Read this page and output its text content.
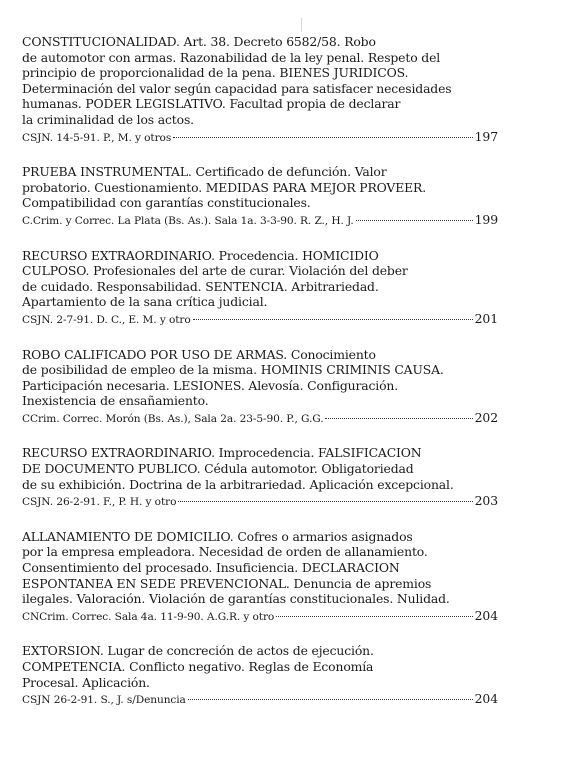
CONSTITUCIONALIDAD. Art. 38. Decreto 6582/58. Robo

de automotor con armas. Razonabilidad de la ley penal. Respeto del

principio de proporcionalidad de la pena. BIENES JURIDICOS.

Determinación del valor según capacidad para satisfacer necesidades

humanas. PODER LEGISLATIVO. Facultad propia de declarar

la criminalidad de los actos.

CSJN. 14-5-91. P., M. y otros	197

PRUEBA INSTRUMENTAL. Certificado de defunción. Valor

probatorio. Cuestionamiento. MEDIDAS PARA MEJOR PROVEER.

Compatibilidad con garantías constitucionales.

C.Crim. y Correc. La Plata (Bs. As.). Sala 1a. 3-3-90. R. Z., H. J.	199

RECURSO EXTRAORDINARIO. Procedencia. HOMICIDIO

CULPOSO. Profesionales del arte de curar. Violación del deber

de cuidado. Responsabilidad. SENTENCIA. Arbitrariedad.

Apartamiento de la sana crítica judicial.

CSJN. 2-7-91. D. C., E. M. y otro	201

ROBO CALIFICADO POR USO DE ARMAS. Conocimiento

de posibilidad de empleo de la misma. HOMINIS CRIMINIS CAUSA.

Participación necesaria. LESIONES. Alevosía. Configuración.

Inexistencia de ensañamiento.

CCrim. Correc. Morón (Bs. As.), Sala 2a. 23-5-90. P., G.G.	202

RECURSO EXTRAORDINARIO. Improcedencia. FALSIFICACION

DE DOCUMENTO PUBLICO. Cédula automotor. Obligatoriedad

de su exhibición. Doctrina de la arbitrariedad. Aplicación excepcional.

CSJN. 26-2-91. F., P. H. y otro	203

ALLANAMIENTO DE DOMICILIO. Cofres o armarios asignados

por la empresa empleadora. Necesidad de orden de allanamiento.

Consentimiento del procesado. Insuficiencia. DECLARACION

ESPONTANEA EN SEDE PREVENCIONAL. Denuncia de apremios

ilegales. Valoración. Violación de garantías constitucionales. Nulidad.

CNCrim. Correc. Sala 4a. 11-9-90. A.G.R. y otro	204

EXTORSION. Lugar de concreción de actos de ejecución.

COMPETENCIA. Conflicto negativo. Reglas de Economía

Procesal. Aplicación.

CSJN 26-2-91. S., J. s/Denuncia	204
